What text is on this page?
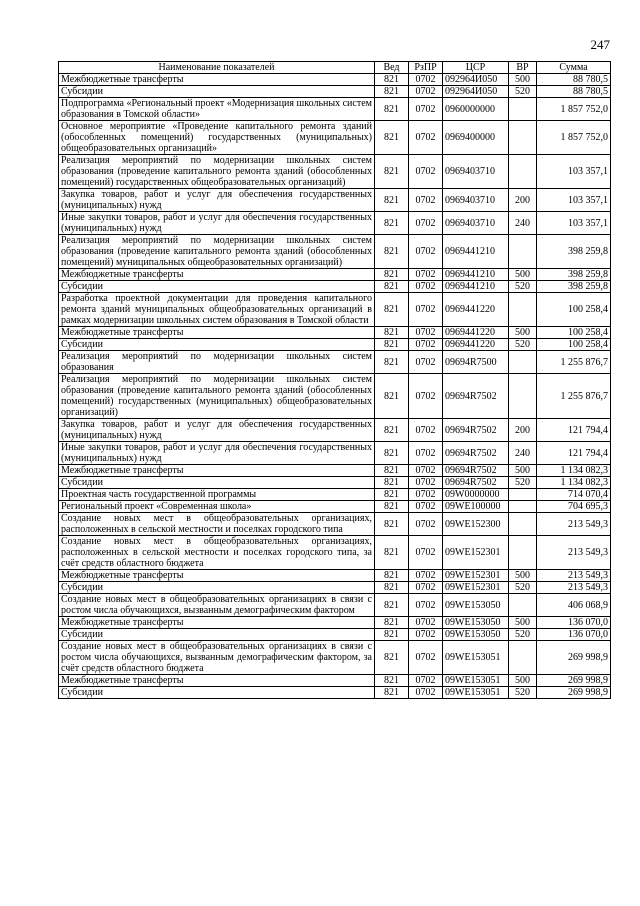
247
Наименование показателей	Вед	РзПР	ЦСР	ВР	Сумма
Межбюджетные трансферты	821	0702	092964И050	500	88 780,5
Субсидии	821	0702	092964И050	520	88 780,5
Подпрограмма «Региональный проект «Модернизация школьных систем образования в Томской области»	821	0702	0960000000		1 857 752,0
Основное мероприятие «Проведение капитального ремонта зданий (обособленных помещений) государственных (муниципальных) общеобразовательных организаций»	821	0702	0969400000		1 857 752,0
Реализация мероприятий по модернизации школьных систем образования (проведение капитального ремонта зданий (обособленных помещений) государственных общеобразовательных организаций)	821	0702	0969403710		103 357,1
Закупка товаров, работ и услуг для обеспечения государственных (муниципальных) нужд	821	0702	0969403710	200	103 357,1
Иные закупки товаров, работ и услуг для обеспечения государственных (муниципальных) нужд	821	0702	0969403710	240	103 357,1
Реализация мероприятий по модернизации школьных систем образования (проведение капитального ремонта зданий (обособленных помещений) муниципальных общеобразовательных организаций)	821	0702	0969441210		398 259,8
Межбюджетные трансферты	821	0702	0969441210	500	398 259,8
Субсидии	821	0702	0969441210	520	398 259,8
Разработка проектной документации для проведения капитального ремонта зданий муниципальных общеобразовательных организаций в рамках модернизации школьных систем образования в Томской области	821	0702	0969441220		100 258,4
Межбюджетные трансферты	821	0702	0969441220	500	100 258,4
Субсидии	821	0702	0969441220	520	100 258,4
Реализация мероприятий по модернизации школьных систем образования	821	0702	09694R7500		1 255 876,7
Реализация мероприятий по модернизации школьных систем образования (проведение капитального ремонта зданий (обособленных помещений) государственных (муниципальных) общеобразовательных организаций)	821	0702	09694R7502		1 255 876,7
Закупка товаров, работ и услуг для обеспечения государственных (муниципальных) нужд	821	0702	09694R7502	200	121 794,4
Иные закупки товаров, работ и услуг для обеспечения государственных (муниципальных) нужд	821	0702	09694R7502	240	121 794,4
Межбюджетные трансферты	821	0702	09694R7502	500	1 134 082,3
Субсидии	821	0702	09694R7502	520	1 134 082,3
Проектная часть государственной программы	821	0702	09W0000000		714 070,4
Региональный проект «Современная школа»	821	0702	09WE100000		704 695,3
Создание новых мест в общеобразовательных организациях, расположенных в сельской местности и поселках городского типа	821	0702	09WE152300		213 549,3
Создание новых мест в общеобразовательных организациях, расположенных в сельской местности и поселках городского типа, за счёт средств областного бюджета	821	0702	09WE152301		213 549,3
Межбюджетные трансферты	821	0702	09WE152301	500	213 549,3
Субсидии	821	0702	09WE152301	520	213 549,3
Создание новых мест в общеобразовательных организациях в связи с ростом числа обучающихся, вызванным демографическим фактором	821	0702	09WE153050		406 068,9
Межбюджетные трансферты	821	0702	09WE153050	500	136 070,0
Субсидии	821	0702	09WE153050	520	136 070,0
Создание новых мест в общеобразовательных организациях в связи с ростом числа обучающихся, вызванным демографическим фактором, за счёт средств областного бюджета	821	0702	09WE153051		269 998,9
Межбюджетные трансферты	821	0702	09WE153051	500	269 998,9
Субсидии	821	0702	09WE153051	520	269 998,9
